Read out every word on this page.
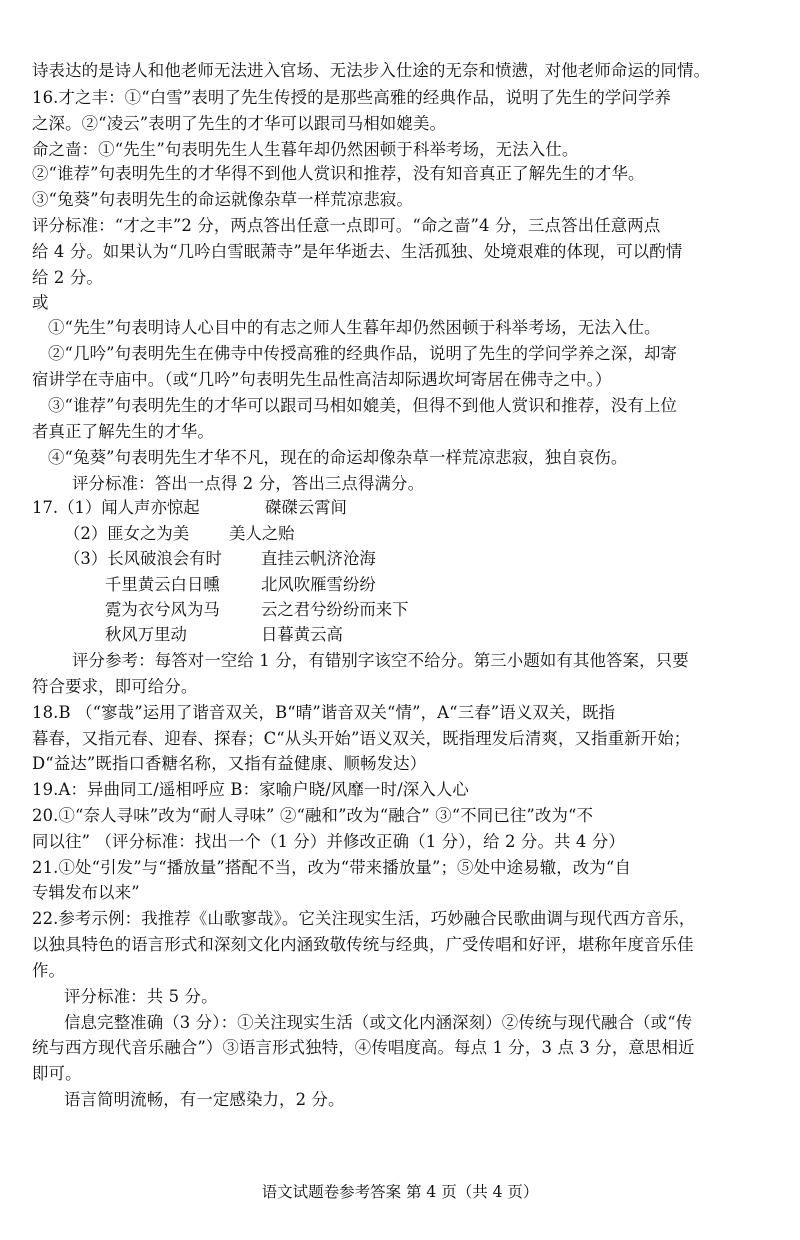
诗表达的是诗人和他老师无法进入官场、无法步入仕途的无奈和愤懑，对他老师命运的同情。
16.才之丰：①“白雪”表明了先生传授的是那些高雅的经典作品，说明了先生的学问学养
之深。②“凌云”表明了先生的才华可以跟司马相如媲美。
命之啬：①“先生”句表明先生人生暮年却仍然困顿于科举考场，无法入仕。
②“谁荐”句表明先生的才华得不到他人赏识和推荐，没有知音真正了解先生的才华。
③“兔葵”句表明先生的命运就像杂草一样荒凉悲寂。
评分标准：“才之丰”2 分，两点答出任意一点即可。“命之啬”4 分，三点答出任意两点
给 4 分。如果认为“几吟白雪眠萧寺”是年华逝去、生活孤独、处境艰难的体现，可以酌情
给 2 分。
或
①“先生”句表明诗人心目中的有志之师人生暮年却仍然困顿于科举考场，无法入仕。
②“几吟”句表明先生在佛寺中传授高雅的经典作品，说明了先生的学问学养之深，却寄
宿讲学在寺庙中。（或“几吟”句表明先生品性高洁却际遇坎坷寄居在佛寺之中。）
③“谁荐”句表明先生的才华可以跟司马相如媲美，但得不到他人赏识和推荐，没有上位
者真正了解先生的才华。
④“兔葵”句表明先生才华不凡，现在的命运却像杂草一样荒凉悲寂，独自哀伤。
评分标准：答出一点得 2 分，答出三点得满分。
17.（1）闻人声亦惊起	磔磔云霄间
（2）匪女之为美 美人之贻
（3）长风破浪会有时 直挂云帆济沧海
千里黄云白日曛	北风吹雁雪纷纷
霓为衣兮风为马	云之君兮纷纷而来下
秋风万里动	日暮黄云高
评分参考：每答对一空给 1 分，有错别字该空不给分。第三小题如有其他答案，只要
符合要求，即可给分。
18.B （“寥哉”运用了谐音双关，B“晴”谐音双关“情”，A“三春”语义双关，既指
暮春，又指元春、迎春、探春；C“从头开始”语义双关，既指理发后清爽，又指重新开始；
D“益达”既指口香糖名称，又指有益健康、顺畅发达）
19.A：异曲同工/遥相呼应 B：家喻户晓/风靡一时/深入人心
20.①“奈人寻味”改为“耐人寻味” ②“融和”改为“融合” ③“不同已往”改为“不
同以往” （评分标准：找出一个（1 分）并修改正确（1 分），给 2 分。共 4 分）
21.①处“引发”与“播放量”搭配不当，改为“带来播放量”；⑤处中途易辙，改为“自
专辑发布以来”
22.参考示例：我推荐《山歌寥哉》。它关注现实生活，巧妙融合民歌曲调与现代西方音乐，
以独具特色的语言形式和深刻文化内涵致敬传统与经典，广受传唱和好评，堪称年度音乐佳
作。
评分标准：共 5 分。
信息完整准确（3 分）：①关注现实生活（或文化内涵深刻）②传统与现代融合（或“传
统与西方现代音乐融合”）③语言形式独特，④传唱度高。每点 1 分，3 点 3 分，意思相近
即可。
语言简明流畅，有一定感染力，2 分。
语文试题卷参考答案 第 4 页（共 4 页）
